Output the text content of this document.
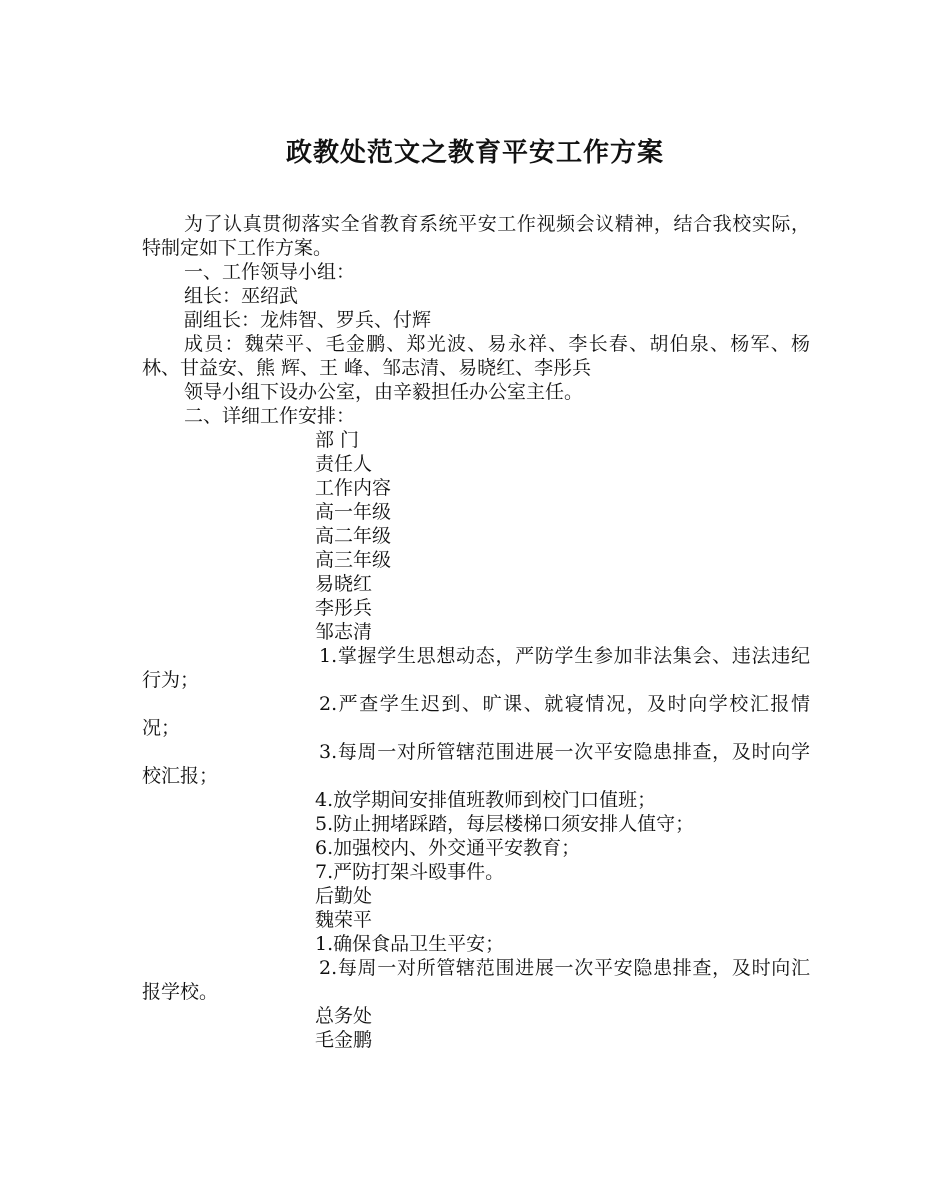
政教处范文之教育平安工作方案

为了认真贯彻落实全省教育系统平安工作视频会议精神，结合我校实际，特制定如下工作方案。

一、工作领导小组：

组长：巫绍武

副组长：龙炜智、罗兵、付辉

成员：魏荣平、毛金鹏、郑光波、易永祥、李长春、胡伯泉、杨军、杨 林、甘益安、熊 辉、王 峰、邹志清、易晓红、李彤兵

领导小组下设办公室，由辛毅担任办公室主任。

二、详细工作安排：

部 门

责任人

工作内容

高一年级

高二年级

高三年级

易晓红

李彤兵

邹志清

1.掌握学生思想动态，严防学生参加非法集会、违法违纪行为；

2.严查学生迟到、旷课、就寝情况，及时向学校汇报情况；

3.每周一对所管辖范围进展一次平安隐患排查，及时向学校汇报；

4.放学期间安排值班教师到校门口值班；

5.防止拥堵踩踏，每层楼梯口须安排人值守；

6.加强校内、外交通平安教育；

7.严防打架斗殴事件。

后勤处

魏荣平

1.确保食品卫生平安；

2.每周一对所管辖范围进展一次平安隐患排查，及时向汇报学校。

总务处

毛金鹏
